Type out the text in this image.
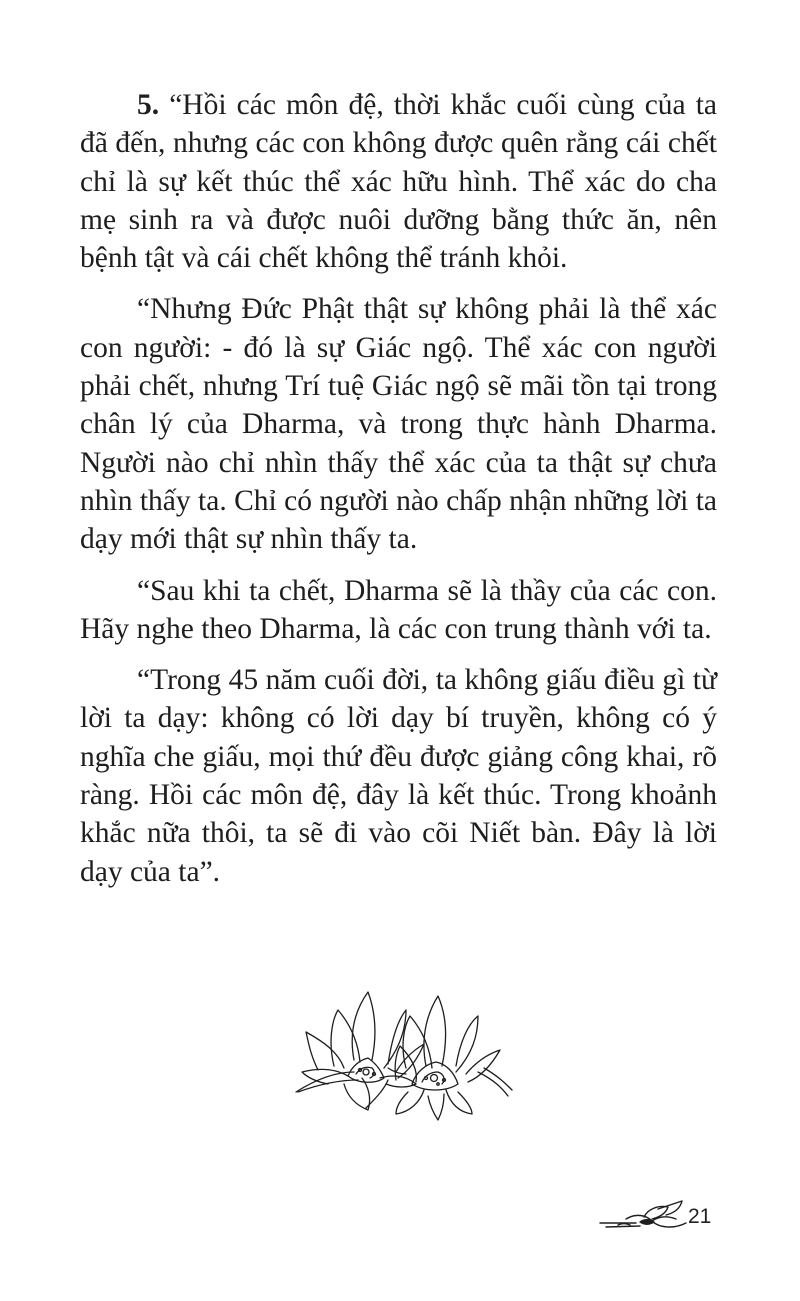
5. “Hồi các môn đệ, thời khắc cuối cùng của ta đã đến, nhưng các con không được quên rằng cái chết chỉ là sự kết thúc thể xác hữu hình. Thể xác do cha mẹ sinh ra và được nuôi dưỡng bằng thức ăn, nên bệnh tật và cái chết không thể tránh khỏi.

“Nhưng Đức Phật thật sự không phải là thể xác con người: - đó là sự Giác ngộ. Thể xác con người phải chết, nhưng Trí tuệ Giác ngộ sẽ mãi tồn tại trong chân lý của Dharma, và trong thực hành Dharma. Người nào chỉ nhìn thấy thể xác của ta thật sự chưa nhìn thấy ta. Chỉ có người nào chấp nhận những lời ta dạy mới thật sự nhìn thấy ta.

“Sau khi ta chết, Dharma sẽ là thầy của các con. Hãy nghe theo Dharma, là các con trung thành với ta.

“Trong 45 năm cuối đời, ta không giấu điều gì từ lời ta dạy: không có lời dạy bí truyền, không có ý nghĩa che giấu, mọi thứ đều được giảng công khai, rõ ràng. Hồi các môn đệ, đây là kết thúc. Trong khoảnh khắc nữa thôi, ta sẽ đi vào cõi Niết bàn. Đây là lời dạy của ta”.

21
